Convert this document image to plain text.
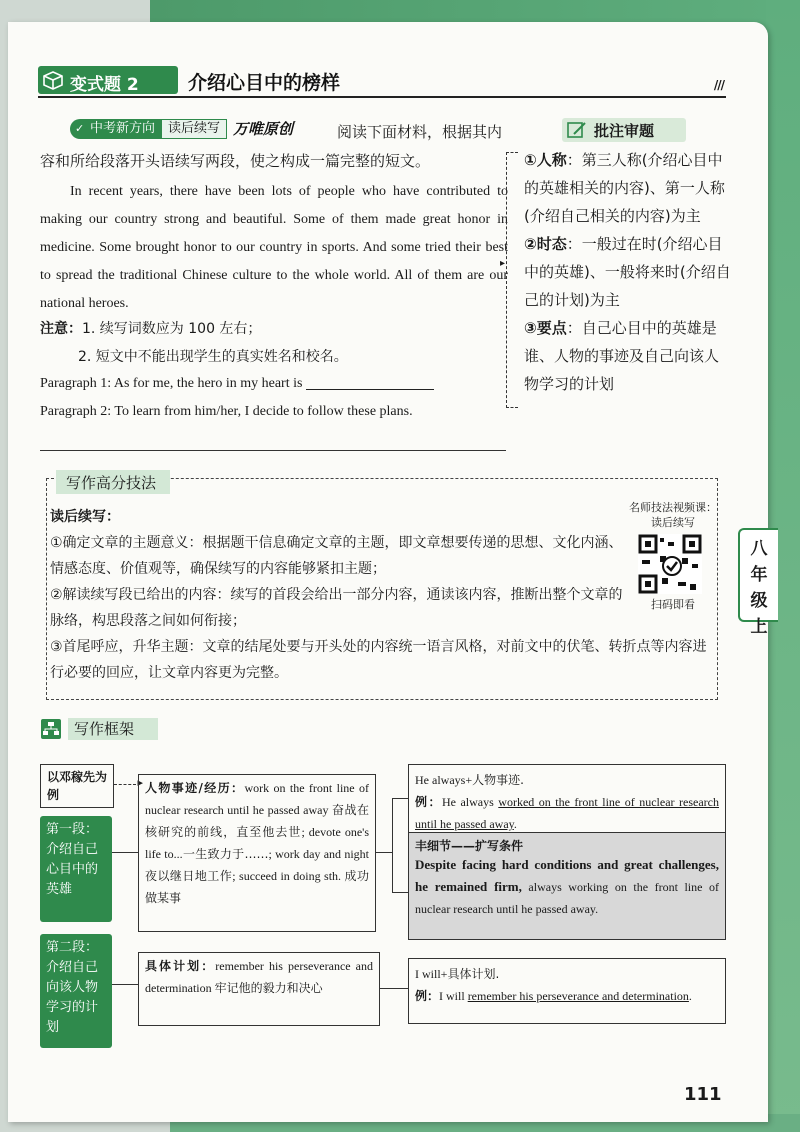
变式题 2	介绍心目中的榜样	///
✓ 中考新方向 读后续写 万唯原创	阅读下面材料，根据其内容和所给段落开头语续写两段，使之构成一篇完整的短文。
In recent years, there have been lots of people who have contributed to making our country strong and beautiful. Some of them made great honor in medicine. Some brought honor to our country in sports. And some tried their best to spread the traditional Chinese culture to the whole world. All of them are our national heroes.
注意：1. 续写词数应为 100 左右；
2. 短文中不能出现学生的真实姓名和校名。
Paragraph 1: As for me, the hero in my heart is
Paragraph 2: To learn from him/her, I decide to follow these plans.
批注审题
▸
①人称：第三人称(介绍心目中的英雄相关的内容)、第一人称(介绍自己相关的内容)为主
②时态：一般过在时(介绍心目中的英雄)、一般将来时(介绍自己的计划)为主
③要点：自己心目中的英雄是谁、人物的事迹及自己向该人物学习的计划
写作高分技法
读后续写：

①确定文章的主题意义：根据题干信息确定文章的主题，即文章想要传递的思想、文化内涵、情感态度、价值观等，确保续写的内容能够紧扣主题；

②解读续写段已给出的内容：续写的首段会给出一部分内容，通读该内容，推断出整个文章的脉络，构思段落之间如何衔接；

③首尾呼应，升华主题：文章的结尾处要与开头处的内容统一语言风格，对前文中的伏笔、转折点等内容进行必要的回应，让文章内容更为完整。

名师技法视频课：读后续写
扫码即看
八年级上
写作框架
以邓稼先为例
▸
第一段：介绍自己心目中的英雄
第二段：介绍自己向该人物学习的计划
人物事迹/经历：work on the front line of nuclear research until he passed away 奋战在核研究的前线，直至他去世; devote one's life to...一生致力于……; work day and night 夜以继日地工作; succeed in doing sth. 成功做某事
具体计划：remember his perseverance and determination 牢记他的毅力和决心
He always+人物事迹.
例：He always worked on the front line of nuclear research until he passed away.
丰细节——扩写条件
Despite facing hard conditions and great challenges, he remained firm, always working on the front line of nuclear research until he passed away.
I will+具体计划.
例：I will remember his perseverance and determination.
111
